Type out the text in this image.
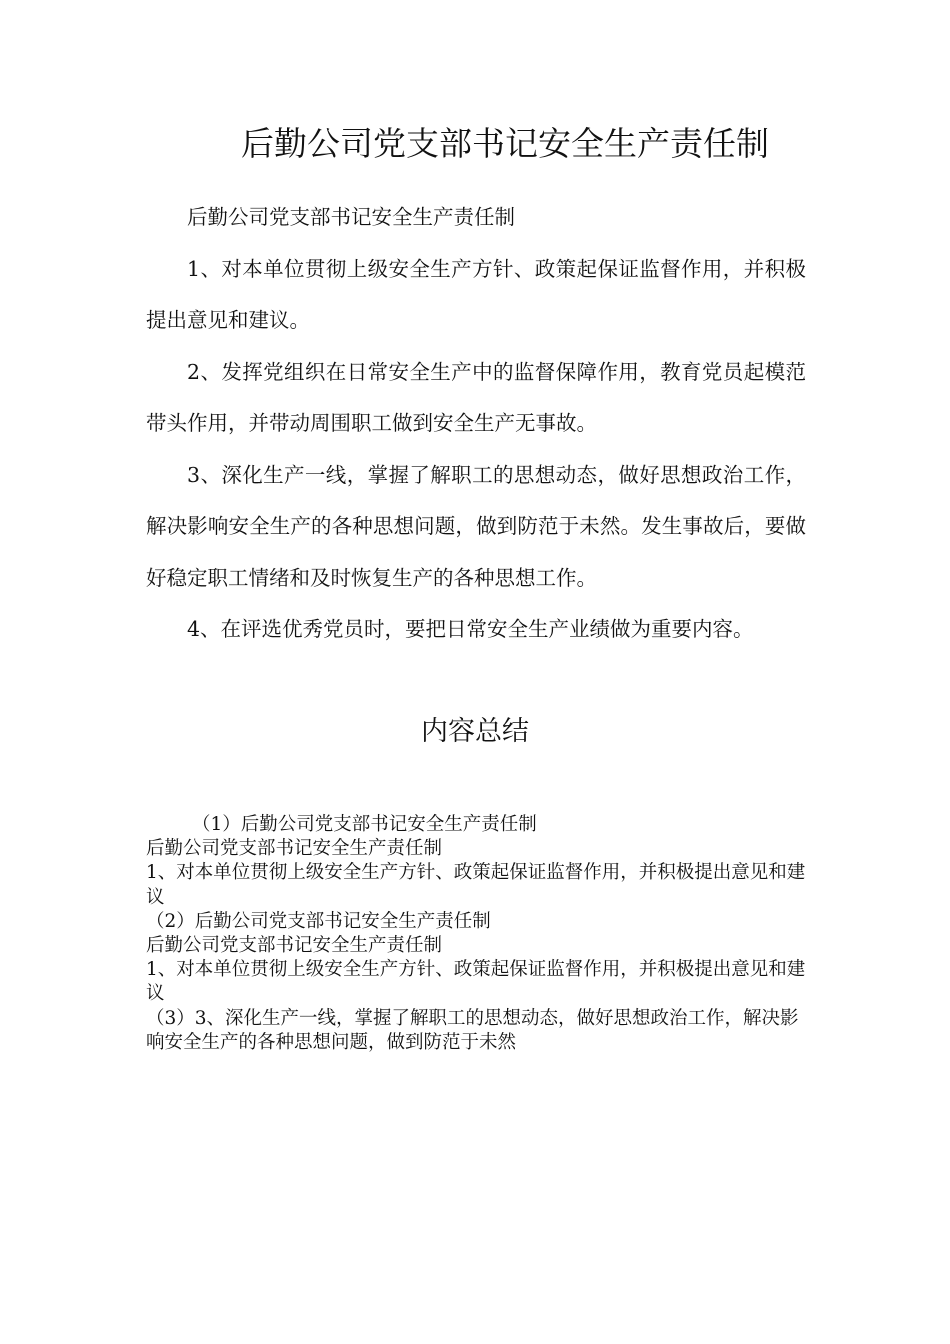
后勤公司党支部书记安全生产责任制

后勤公司党支部书记安全生产责任制

1、对本单位贯彻上级安全生产方针、政策起保证监督作用，并积极提出意见和建议。

2、发挥党组织在日常安全生产中的监督保障作用，教育党员起模范带头作用，并带动周围职工做到安全生产无事故。

3、深化生产一线，掌握了解职工的思想动态，做好思想政治工作，解决影响安全生产的各种思想问题，做到防范于未然。发生事故后，要做好稳定职工情绪和及时恢复生产的各种思想工作。

4、在评选优秀党员时，要把日常安全生产业绩做为重要内容。

内容总结
（1）后勤公司党支部书记安全生产责任制
后勤公司党支部书记安全生产责任制
1、对本单位贯彻上级安全生产方针、政策起保证监督作用，并积极提出意见和建议
（2）后勤公司党支部书记安全生产责任制
后勤公司党支部书记安全生产责任制
1、对本单位贯彻上级安全生产方针、政策起保证监督作用，并积极提出意见和建议
（3）3、深化生产一线，掌握了解职工的思想动态，做好思想政治工作，解决影响安全生产的各种思想问题，做到防范于未然
